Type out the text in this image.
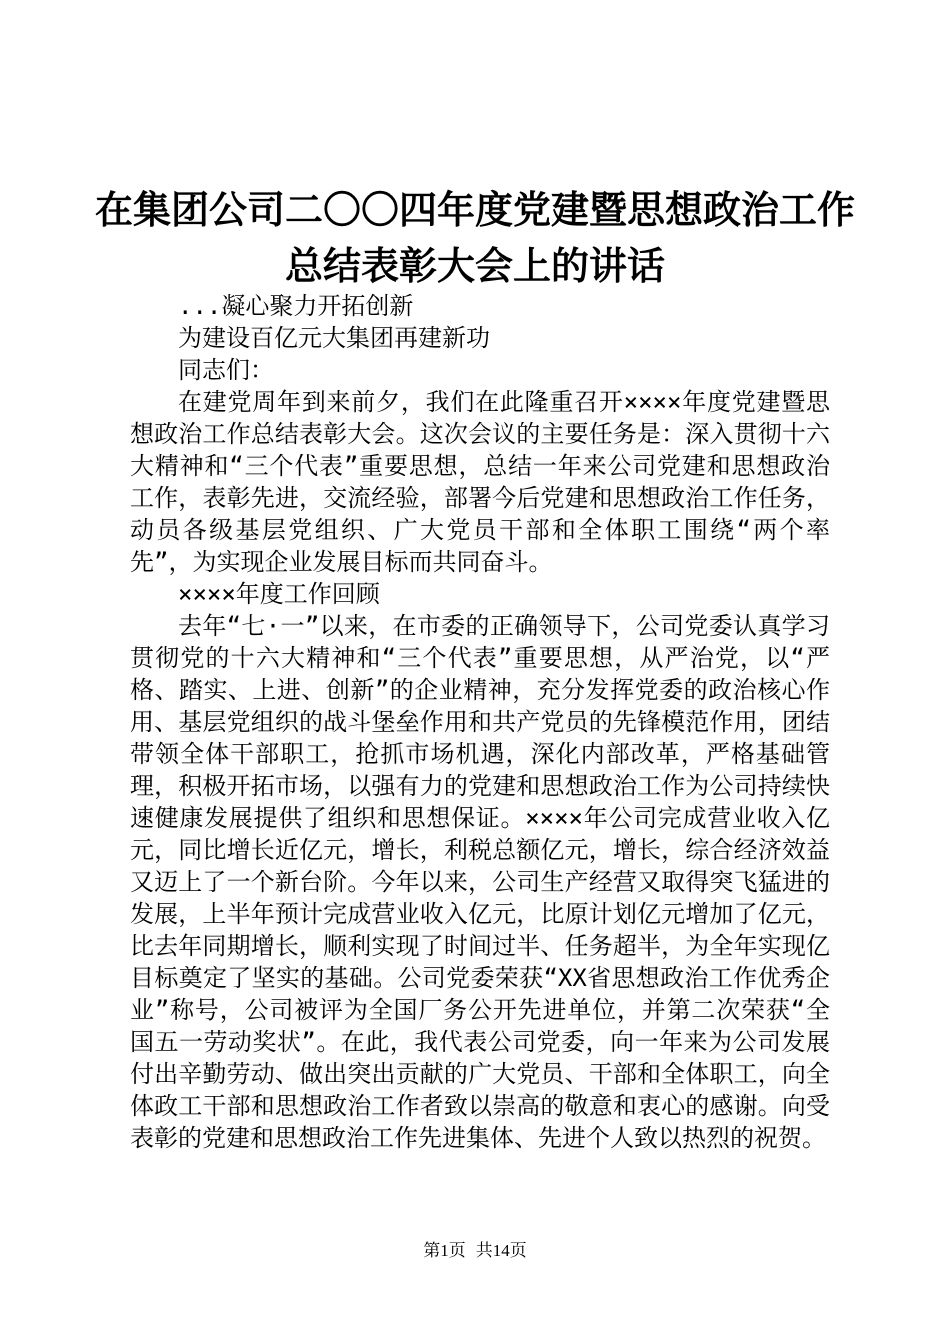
在集团公司二〇〇四年度党建暨思想政治工作
总结表彰大会上的讲话

...凝心聚力开拓创新

为建设百亿元大集团再建新功

同志们：

在建党周年到来前夕，我们在此隆重召开××××年度党建暨思想政治工作总结表彰大会。这次会议的主要任务是：深入贯彻十六大精神和“三个代表”重要思想，总结一年来公司党建和思想政治工作，表彰先进，交流经验，部署今后党建和思想政治工作任务，动员各级基层党组织、广大党员干部和全体职工围绕“两个率先”，为实现企业发展目标而共同奋斗。

××××年度工作回顾

去年“七·一”以来，在市委的正确领导下，公司党委认真学习贯彻党的十六大精神和“三个代表”重要思想，从严治党，以“严格、踏实、上进、创新”的企业精神，充分发挥党委的政治核心作用、基层党组织的战斗堡垒作用和共产党员的先锋模范作用，团结带领全体干部职工，抢抓市场机遇，深化内部改革，严格基础管理，积极开拓市场，以强有力的党建和思想政治工作为公司持续快速健康发展提供了组织和思想保证。××××年公司完成营业收入亿元，同比增长近亿元，增长，利税总额亿元，增长，综合经济效益又迈上了一个新台阶。今年以来，公司生产经营又取得突飞猛进的发展，上半年预计完成营业收入亿元，比原计划亿元增加了亿元，比去年同期增长，顺利实现了时间过半、任务超半，为全年实现亿目标奠定了坚实的基础。公司党委荣获“XX省思想政治工作优秀企业”称号，公司被评为全国厂务公开先进单位，并第二次荣获“全国五一劳动奖状”。在此，我代表公司党委，向一年来为公司发展付出辛勤劳动、做出突出贡献的广大党员、干部和全体职工，向全体政工干部和思想政治工作者致以崇高的敬意和衷心的感谢。向受表彰的党建和思想政治工作先进集体、先进个人致以热烈的祝贺。

第1页 共14页
